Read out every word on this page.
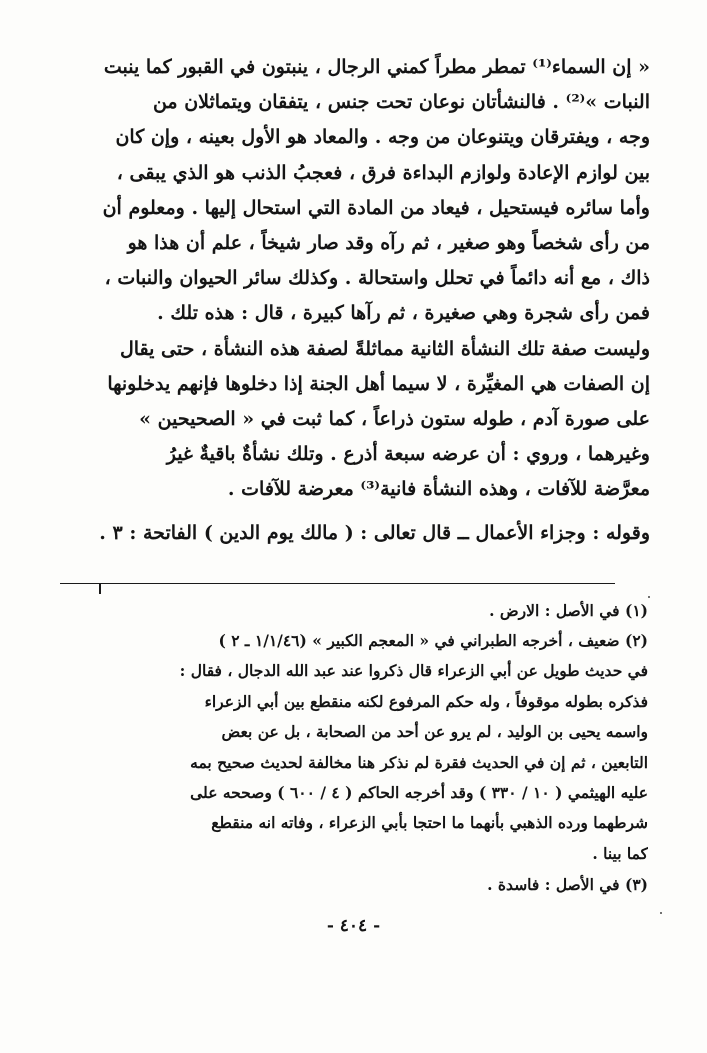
« إن السماء⁽¹⁾ تمطر مطراً كمني الرجال ، ينبتون في القبور كما ينبت
النبات »⁽²⁾ . فالنشأتان نوعان تحت جنس ، يتفقان ويتماثلان من
وجه ، ويفترقان ويتنوعان من وجه . والمعاد هو الأول بعينه ، وإن كان
بين لوازم الإعادة ولوازم البداءة فرق ، فعجبُ الذنب هو الذي يبقى ،
وأما سائره فيستحيل ، فيعاد من المادة التي استحال إليها . ومعلوم أن
من رأى شخصاً وهو صغير ، ثم رآه وقد صار شيخاً ، علم أن هذا هو
ذاك ، مع أنه دائماً في تحلل واستحالة . وكذلك سائر الحيوان والنبات ،
فمن رأى شجرة وهي صغيرة ، ثم رآها كبيرة ، قال : هذه تلك .
وليست صفة تلك النشأة الثانية مماثلةً لصفة هذه النشأة ، حتى يقال
إن الصفات هي المغيِّرة ، لا سيما أهل الجنة إذا دخلوها فإنهم يدخلونها
على صورة آدم ، طوله ستون ذراعاً ، كما ثبت في « الصحيحين »
وغيرهما ، وروي : أن عرضه سبعة أذرع . وتلك نشأةٌ باقيةٌ غيرُ
معرَّضة للآفات ، وهذه النشأة فانية⁽³⁾ معرضة للآفات .
وقوله : وجزاء الأعمال ــ قال تعالى : ( مالك يوم الدين ) الفاتحة : ٣ .
(١) في الأصل : الارض .
(٢) ضعيف ، أخرجه الطبراني في « المعجم الكبير » (١/١/٤٦ ـ ٢ )
في حديث طويل عن أبي الزعراء قال ذكروا عند عبد الله الدجال ، فقال :
فذكره بطوله موقوفاً ، وله حكم المرفوع لكنه منقطع بين أبي الزعراء
واسمه يحيى بن الوليد ، لم يرو عن أحد من الصحابة ، بل عن بعض
التابعين ، ثم إن في الحديث فقرة لم نذكر هنا مخالفة لحديث صحيح بمه
عليه الهيثمي ( ١٠ / ٣٣٠ ) وقد أخرجه الحاكم ( ٤ / ٦٠٠ ) وصححه على
شرطهما ورده الذهبي بأنهما ما احتجا بأبي الزعراء ، وفاته انه منقطع
كما بينا .
(٣) في الأصل : فاسدة .
- ٤٠٤ -
